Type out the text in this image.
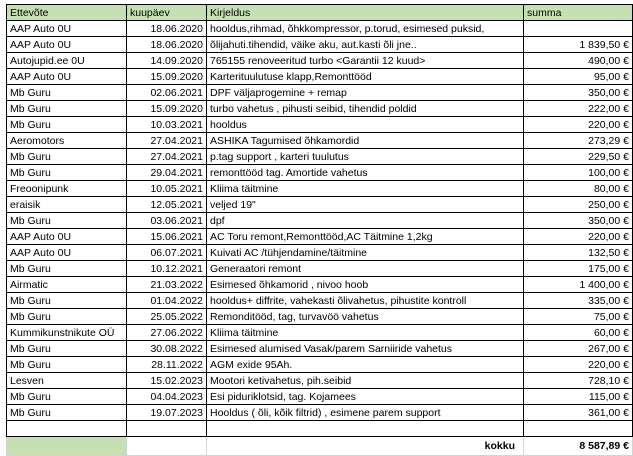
Ettevõte	kuupäev	Kirjeldus	summa
AAP Auto 0U	18.06.2020	hooldus,rihmad, õhkkompressor, p.torud, esimesed puksid,	
AAP Auto 0U	18.06.2020	õlijahuti.tihendid, väike aku, aut.kasti õli jne..	1 839,50 €
Autojupid.ee 0U	14.09.2020	765155 renoveeritud turbo <Garantii 12 kuud>	490,00 €
AAP Auto 0U	15.09.2020	Karterituulutuse klapp,Remonttööd	95,00 €
Mb Guru	02.06.2021	DPF väljaprogemine + remap	350,00 €
Mb Guru	15.09.2020	turbo vahetus , pihusti seibid, tihendid poldid	222,00 €
Mb Guru	10.03.2021	hooldus	220,00 €
Aeromotors	27.04.2021	ASHIKA Tagumised õhkamordid	273,29 €
Mb Guru	27.04.2021	p.tag support , karteri tuulutus	229,50 €
Mb Guru	29.04.2021	remonttööd tag. Amortide vahetus	100,00 €
Freoonipunk	10.05.2021	Kliima täitmine	80,00 €
eraisik	12.05.2021	veljed 19"	250,00 €
Mb Guru	03.06.2021	dpf	350,00 €
AAP Auto 0U	15.06.2021	AC Toru remont,Remonttööd,AC Täitmine 1,2kg	220,00 €
AAP Auto 0U	06.07.2021	Kuivati AC /tühjendamine/täitmine	132,50 €
Mb Guru	10.12.2021	Generaatori remont	175,00 €
Airmatic	21.03.2022	Esimesed õhkamorid , nivoo hoob	1 400,00 €
Mb Guru	01.04.2022	hooldus+ diffrite, vahekasti õlivahetus, pihustite kontroll	335,00 €
Mb Guru	25.05.2022	Remonditööd, tag, turvavöö vahetus	75,00 €
Kummikunstnikute OÜ	27.06.2022	Kliima täitmine	60,00 €
Mb Guru	30.08.2022	Esimesed alumised Vasak/parem Sarniiride vahetus	267,00 €
Mb Guru	28.11.2022	AGM exide 95Ah.	220,00 €
Lesven	15.02.2023	Mootori ketivahetus, pih.seibid	728,10 €
Mb Guru	04.04.2023	Esi piduriklotsid, tag. Kojamees	115,00 €
Mb Guru	19.07.2023	Hooldus ( õli, kõik filtrid) , esimene parem support	361,00 €

		kokku	8 587,89 €
